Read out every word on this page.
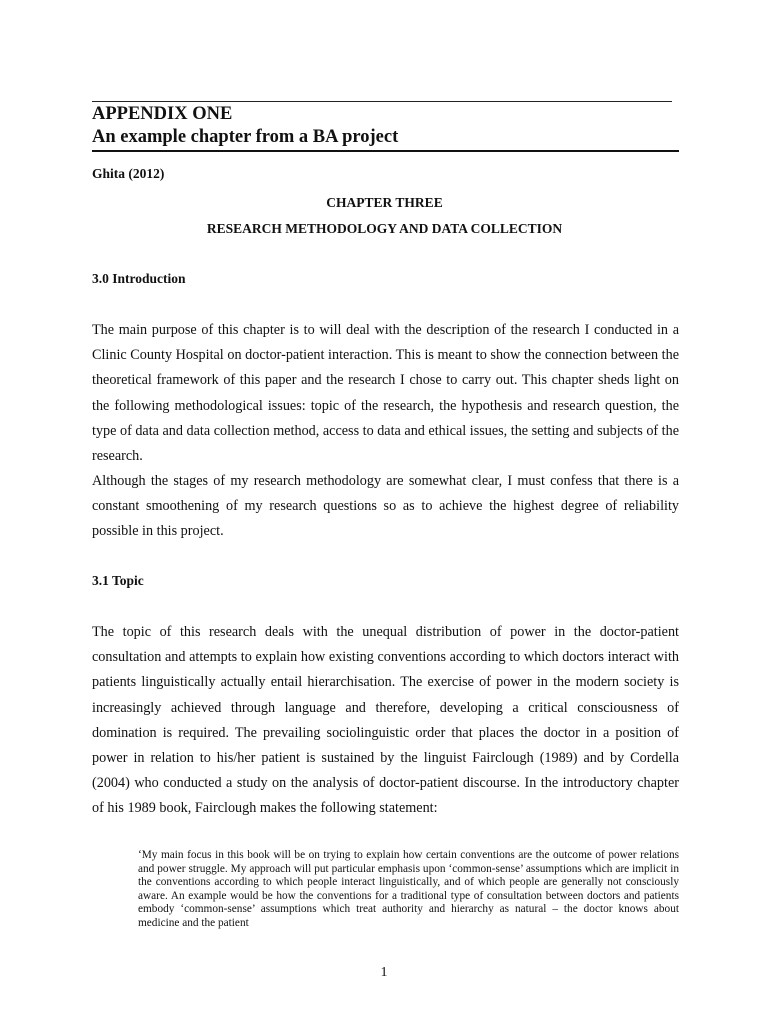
APPENDIX ONE
An example chapter from a BA project
Ghita (2012)
CHAPTER THREE
RESEARCH METHODOLOGY AND DATA COLLECTION
3.0 Introduction

The main purpose of this chapter is to will deal with the description of the research I conducted in a Clinic County Hospital on doctor-patient interaction. This is meant to show the connection between the theoretical framework of this paper and the research I chose to carry out. This chapter sheds light on the following methodological issues: topic of the research, the hypothesis and research question, the type of data and data collection method, access to data and ethical issues, the setting and subjects of the research.

Although the stages of my research methodology are somewhat clear, I must confess that there is a constant smoothening of my research questions so as to achieve the highest degree of reliability possible in this project.

3.1 Topic

The topic of this research deals with the unequal distribution of power in the doctor-patient consultation and attempts to explain how existing conventions according to which doctors interact with patients linguistically actually entail hierarchisation. The exercise of power in the modern society is increasingly achieved through language and therefore, developing a critical consciousness of domination is required. The prevailing sociolinguistic order that places the doctor in a position of power in relation to his/her patient is sustained by the linguist Fairclough (1989) and by Cordella (2004) who conducted a study on the analysis of doctor-patient discourse. In the introductory chapter of his 1989 book, Fairclough makes the following statement:

‘My main focus in this book will be on trying to explain how certain conventions are the outcome of power relations and power struggle. My approach will put particular emphasis upon ‘common-sense’ assumptions which are implicit in the conventions according to which people interact linguistically, and of which people are generally not consciously aware. An example would be how the conventions for a traditional type of consultation between doctors and patients embody ‘common-sense’ assumptions which treat authority and hierarchy as natural – the doctor knows about medicine and the patient
1
